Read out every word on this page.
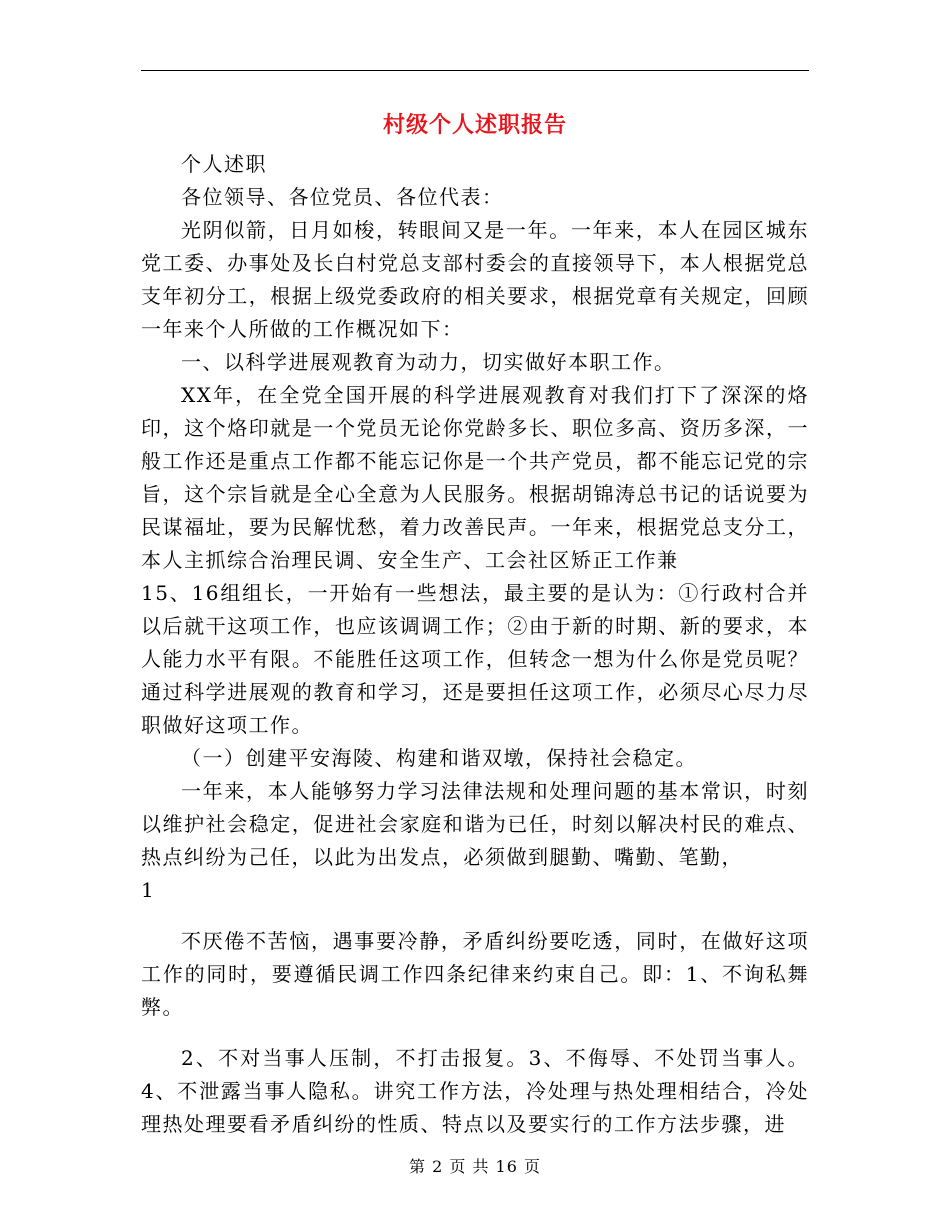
村级个人述职报告

个人述职

各位领导、各位党员、各位代表：

光阴似箭，日月如梭，转眼间又是一年。一年来，本人在园区城东党工委、办事处及长白村党总支部村委会的直接领导下，本人根据党总支年初分工，根据上级党委政府的相关要求，根据党章有关规定，回顾一年来个人所做的工作概况如下：

一、以科学进展观教育为动力，切实做好本职工作。

XX年，在全党全国开展的科学进展观教育对我们打下了深深的烙印，这个烙印就是一个党员无论你党龄多长、职位多高、资历多深，一般工作还是重点工作都不能忘记你是一个共产党员，都不能忘记党的宗旨，这个宗旨就是全心全意为人民服务。根据胡锦涛总书记的话说要为民谋福址，要为民解忧愁，着力改善民声。一年来，根据党总支分工，本人主抓综合治理民调、安全生产、工会社区矫正工作兼
15、16组组长，一开始有一些想法，最主要的是认为：①行政村合并以后就干这项工作，也应该调调工作；②由于新的时期、新的要求，本人能力水平有限。不能胜任这项工作，但转念一想为什么你是党员呢？通过科学进展观的教育和学习，还是要担任这项工作，必须尽心尽力尽职做好这项工作。

（一）创建平安海陵、构建和谐双墩，保持社会稳定。

一年来，本人能够努力学习法律法规和处理问题的基本常识，时刻以维护社会稳定，促进社会家庭和谐为已任，时刻以解决村民的难点、热点纠纷为己任，以此为出发点，必须做到腿勤、嘴勤、笔勤，

1

不厌倦不苦恼，遇事要冷静，矛盾纠纷要吃透，同时，在做好这项工作的同时，要遵循民调工作四条纪律来约束自己。即：1、不询私舞弊。

2、不对当事人压制，不打击报复。3、不侮辱、不处罚当事人。4、不泄露当事人隐私。讲究工作方法，冷处理与热处理相结合，冷处理热处理要看矛盾纠纷的性质、特点以及要实行的工作方法步骤，进

第 2 页 共 16 页
